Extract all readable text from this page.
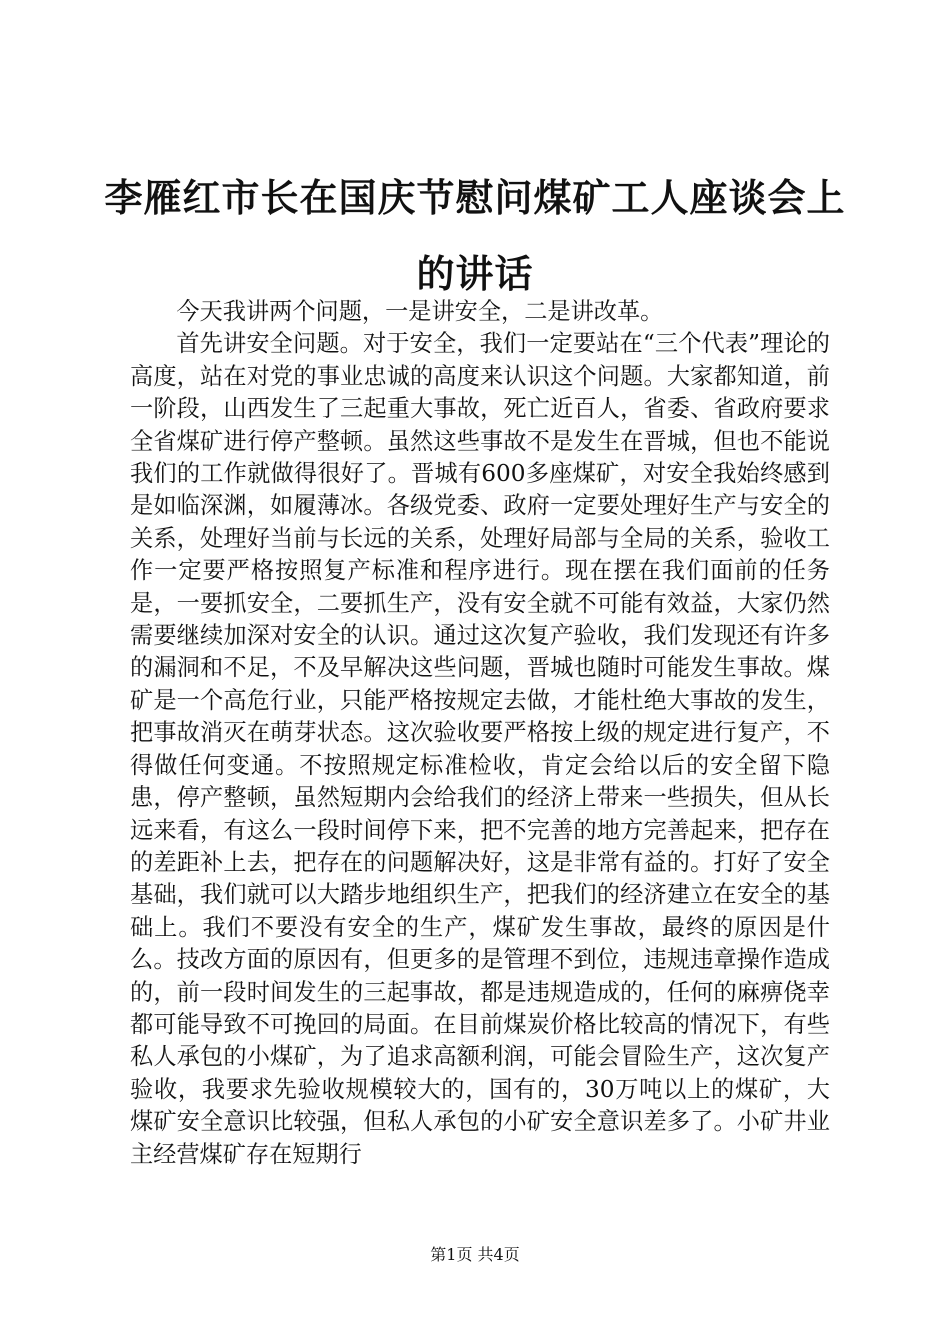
李雁红市长在国庆节慰问煤矿工人座谈会上的讲话

今天我讲两个问题，一是讲安全，二是讲改革。

首先讲安全问题。对于安全，我们一定要站在“三个代表”理论的高度，站在对党的事业忠诚的高度来认识这个问题。大家都知道，前一阶段，山西发生了三起重大事故，死亡近百人，省委、省政府要求全省煤矿进行停产整顿。虽然这些事故不是发生在晋城，但也不能说我们的工作就做得很好了。晋城有600多座煤矿，对安全我始终感到是如临深渊，如履薄冰。各级党委、政府一定要处理好生产与安全的关系，处理好当前与长远的关系，处理好局部与全局的关系，验收工作一定要严格按照复产标准和程序进行。现在摆在我们面前的任务是，一要抓安全，二要抓生产，没有安全就不可能有效益，大家仍然需要继续加深对安全的认识。通过这次复产验收，我们发现还有许多的漏洞和不足，不及早解决这些问题，晋城也随时可能发生事故。煤矿是一个高危行业，只能严格按规定去做，才能杜绝大事故的发生，把事故消灭在萌芽状态。这次验收要严格按上级的规定进行复产，不得做任何变通。不按照规定标准检收，肯定会给以后的安全留下隐患，停产整顿，虽然短期内会给我们的经济上带来一些损失，但从长远来看，有这么一段时间停下来，把不完善的地方完善起来，把存在的差距补上去，把存在的问题解决好，这是非常有益的。打好了安全基础，我们就可以大踏步地组织生产，把我们的经济建立在安全的基础上。我们不要没有安全的生产，煤矿发生事故，最终的原因是什么。技改方面的原因有，但更多的是管理不到位，违规违章操作造成的，前一段时间发生的三起事故，都是违规造成的，任何的麻痹侥幸都可能导致不可挽回的局面。在目前煤炭价格比较高的情况下，有些私人承包的小煤矿，为了追求高额利润，可能会冒险生产，这次复产验收，我要求先验收规模较大的，国有的，30万吨以上的煤矿，大煤矿安全意识比较强，但私人承包的小矿安全意识差多了。小矿井业主经营煤矿存在短期行

第1页 共4页
